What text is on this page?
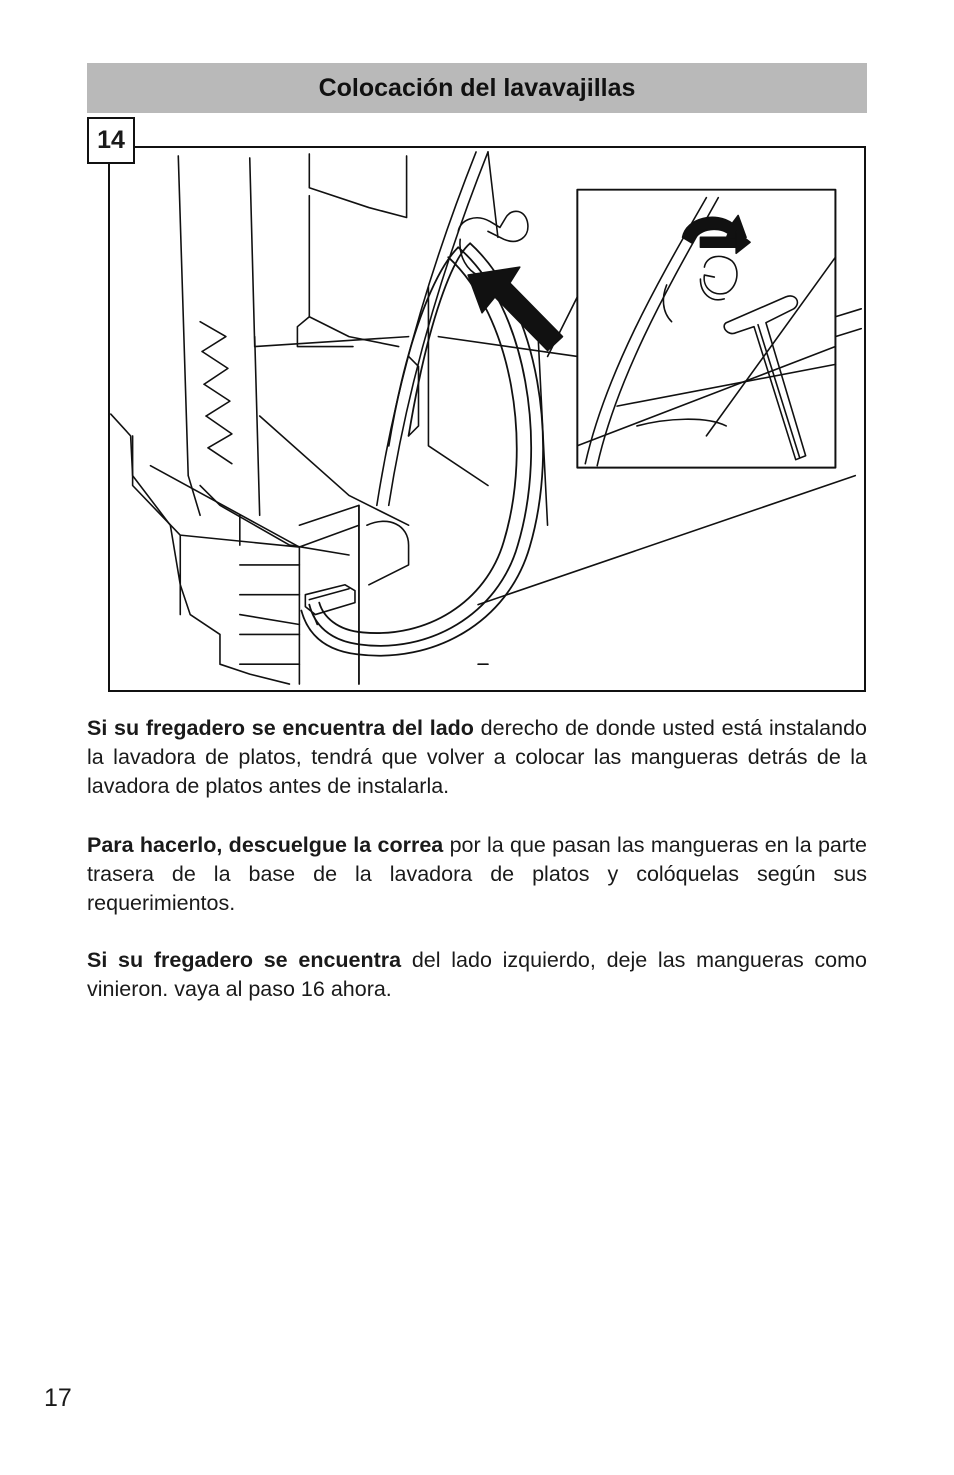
Colocación del lavavajillas
14

Si su fregadero se encuentra del lado derecho de donde usted está instalando la lavadora de platos, tendrá que volver a colocar las mangueras detrás de la lavadora de platos antes de instalarla.

Para hacerlo, descuelgue la correa por la que pasan las mangueras en la parte trasera de la base de la lavadora de platos y colóquelas según sus requerimientos.

Si su fregadero se encuentra del lado izquierdo, deje las mangueras como vinieron. vaya al paso 16 ahora.

17
